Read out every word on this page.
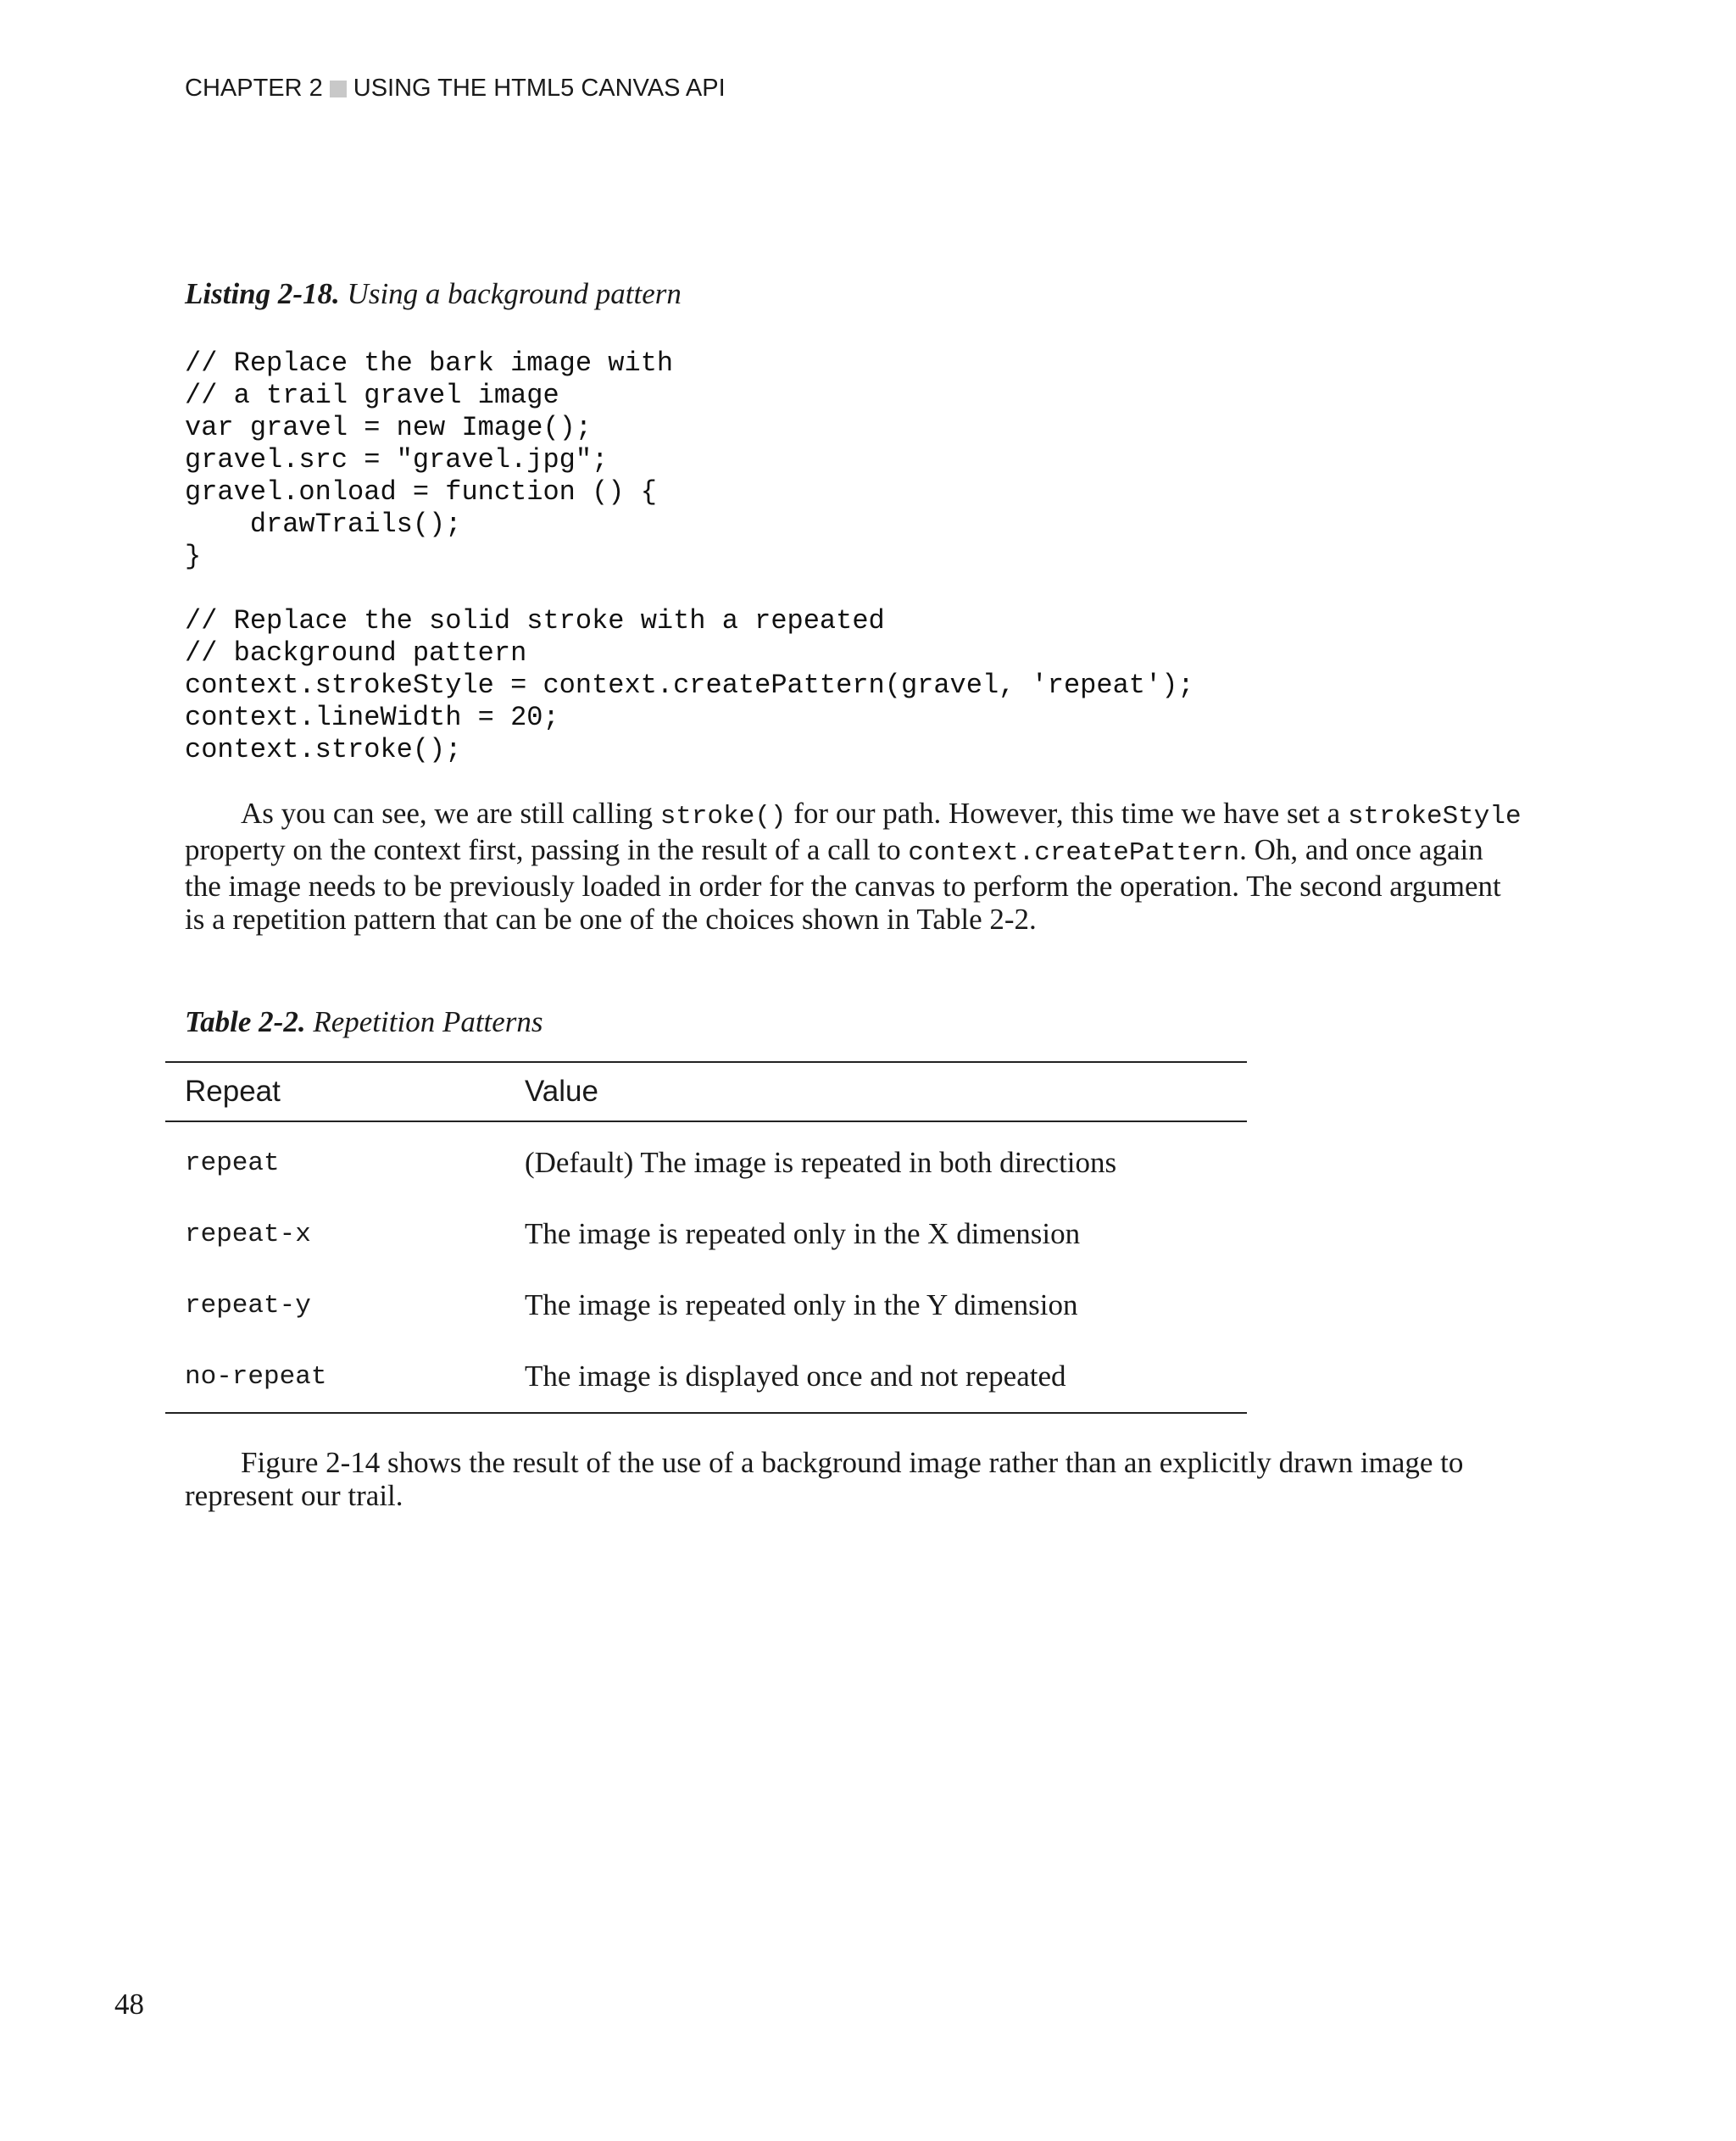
CHAPTER 2 USING THE HTML5 CANVAS API
Listing 2-18. Using a background pattern
// Replace the bark image with
// a trail gravel image
var gravel = new Image();
gravel.src = "gravel.jpg";
gravel.onload = function () {
drawTrails();
}

// Replace the solid stroke with a repeated
// background pattern
context.strokeStyle = context.createPattern(gravel, 'repeat');
context.lineWidth = 20;
context.stroke();
As you can see, we are still calling stroke() for our path. However, this time we have set a strokeStyle property on the context first, passing in the result of a call to context.createPattern. Oh, and once again the image needs to be previously loaded in order for the canvas to perform the operation. The second argument is a repetition pattern that can be one of the choices shown in Table 2-2.
Table 2-2. Repetition Patterns
Repeat	Value
repeat	(Default) The image is repeated in both directions
repeat-x	The image is repeated only in the X dimension
repeat-y	The image is repeated only in the Y dimension
no-repeat	The image is displayed once and not repeated
Figure 2-14 shows the result of the use of a background image rather than an explicitly drawn image to represent our trail.
48
